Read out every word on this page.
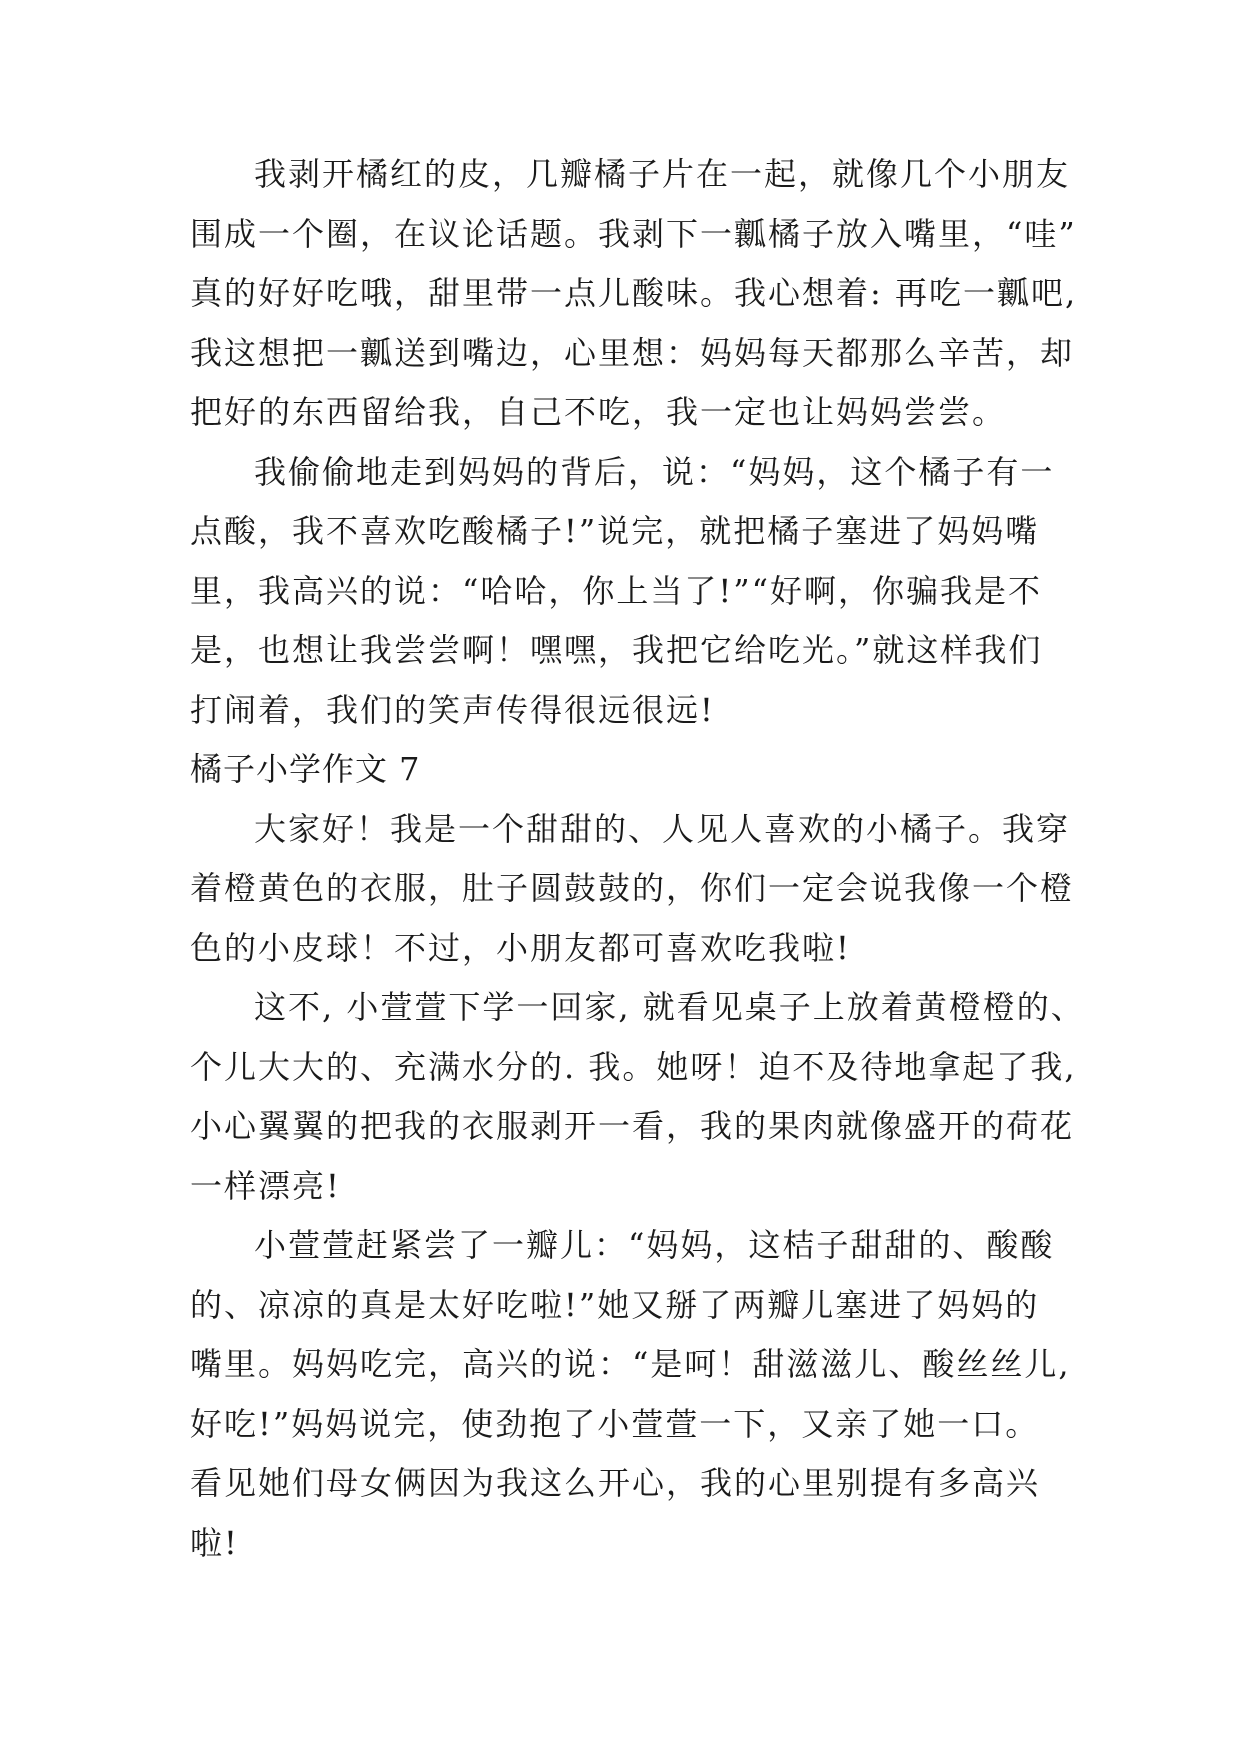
我剥开橘红的皮，几瓣橘子片在一起，就像几个小朋友
围成一个圈，在议论话题。我剥下一瓤橘子放入嘴里，“哇”
真的好好吃哦，甜里带一点儿酸味。我心想着: 再吃一瓤吧,
我这想把一瓤送到嘴边，心里想：妈妈每天都那么辛苦，却
把好的东西留给我，自己不吃，我一定也让妈妈尝尝。
我偷偷地走到妈妈的背后，说：“妈妈，这个橘子有一
点酸，我不喜欢吃酸橘子!”说完，就把橘子塞进了妈妈嘴
里，我高兴的说：“哈哈，你上当了!”“好啊，你骗我是不
是，也想让我尝尝啊！嘿嘿，我把它给吃光。”就这样我们
打闹着，我们的笑声传得很远很远!
橘子小学作文 7
大家好！我是一个甜甜的、人见人喜欢的小橘子。我穿
着橙黄色的衣服，肚子圆鼓鼓的，你们一定会说我像一个橙
色的小皮球！不过，小朋友都可喜欢吃我啦!
这不, 小萱萱下学一回家, 就看见桌子上放着黄橙橙的、
个儿大大的、充满水分的. 我。她呀！迫不及待地拿起了我,
小心翼翼的把我的衣服剥开一看，我的果肉就像盛开的荷花
一样漂亮!
小萱萱赶紧尝了一瓣儿：“妈妈，这桔子甜甜的、酸酸
的、凉凉的真是太好吃啦!”她又掰了两瓣儿塞进了妈妈的
嘴里。妈妈吃完，高兴的说：“是呵！甜滋滋儿、酸丝丝儿,
好吃!”妈妈说完，使劲抱了小萱萱一下，又亲了她一口。
看见她们母女俩因为我这么开心，我的心里别提有多高兴
啦!
